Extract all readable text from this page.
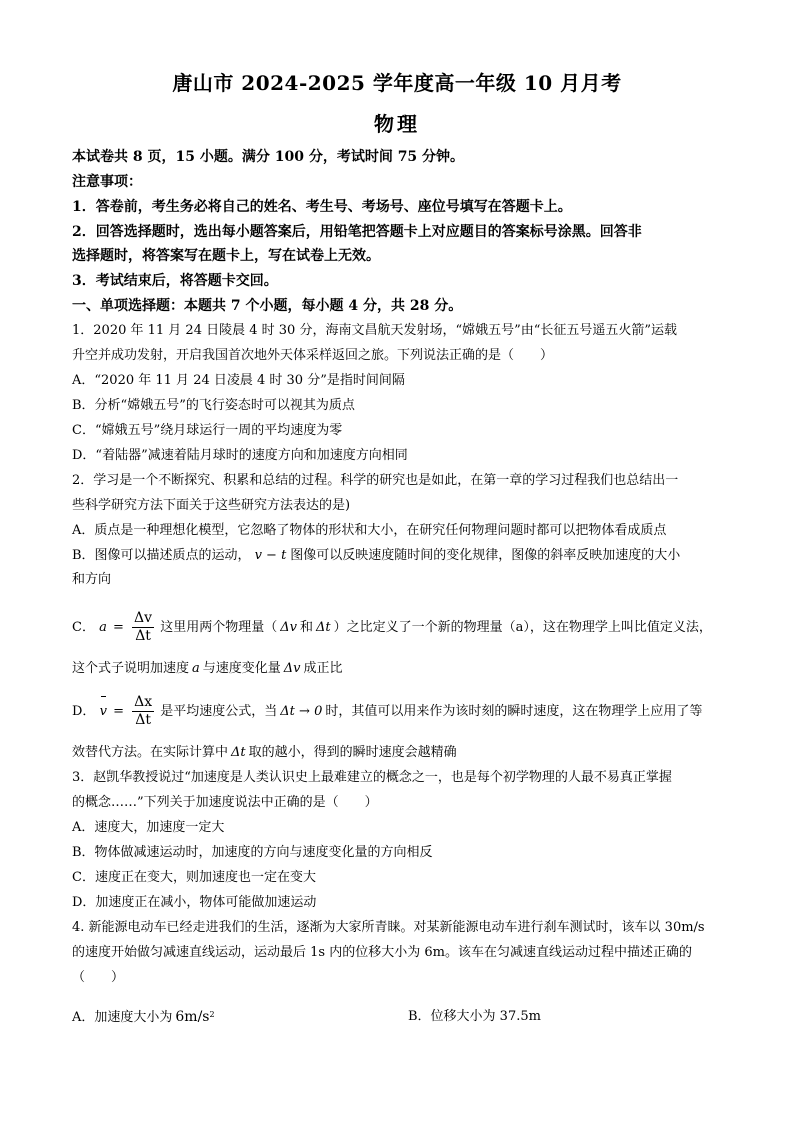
唐山市 2024-2025 学年度高一年级 10 月月考
物理
本试卷共 8 页，15 小题。满分 100 分，考试时间 75 分钟。
注意事项：
1．答卷前，考生务必将自己的姓名、考生号、考场号、座位号填写在答题卡上。
2．回答选择题时，选出每小题答案后，用铅笔把答题卡上对应题目的答案标号涂黑。回答非
选择题时，将答案写在题卡上，写在试卷上无效。
3．考试结束后，将答题卡交回。
一、单项选择题：本题共 7 个小题，每小题 4 分，共 28 分。
1．2020 年 11 月 24 日陵晨 4 时 30 分，海南文昌航天发射场，“嫦娥五号”由“长征五号遥五火箭”运载
升空并成功发射，开启我国首次地外天体采样返回之旅。下列说法正确的是（　　）
A．“2020 年 11 月 24 日凌晨 4 时 30 分”是指时间间隔
B．分析“嫦娥五号”的飞行姿态时可以视其为质点
C．“嫦娥五号”绕月球运行一周的平均速度为零
D．“着陆器”减速着陆月球时的速度方向和加速度方向相同
2．学习是一个不断探究、积累和总结的过程。科学的研究也是如此，在第一章的学习过程我们也总结出一
些科学研究方法下面关于这些研究方法表达的是)
A．质点是一种理想化模型，它忽略了物体的形状和大小，在研究任何物理问题时都可以把物体看成质点
B．图像可以描述质点的运动， v − t 图像可以反映速度随时间的变化规律，图像的斜率反映加速度的大小
和方向
C． $a = \frac{\Delta v}{\Delta t}$ 这里用两个物理量（ Δv 和 Δt ）之比定义了一个新的物理量（a），这在物理学上叫比值定义法，
这个式子说明加速度 a 与速度变化量 Δv 成正比
D． $v = \frac{\Delta x}{\Delta t}$ 是平均速度公式，当 Δt → 0 时，其值可以用来作为该时刻的瞬时速度，这在物理学上应用了等
效替代方法。在实际计算中 Δt 取的越小，得到的瞬时速度会越精确
3．赵凯华教授说过“加速度是人类认识史上最难建立的概念之一，也是每个初学物理的人最不易真正掌握
的概念……”下列关于加速度说法中正确的是（　　）
A．速度大，加速度一定大
B．物体做减速运动时，加速度的方向与速度变化量的方向相反
C．速度正在变大，则加速度也一定在变大
D．加速度正在减小，物体可能做加速运动
4. 新能源电动车已经走进我们的生活，逐渐为大家所青睐。对某新能源电动车进行刹车测试时，该车以 30m/s
的速度开始做匀减速直线运动，运动最后 1s 内的位移大小为 6m。该车在匀减速直线运动过程中描述正确的
（　　）
A．加速度大小为 $6m/s^2$	B．位移大小为 37.5m
